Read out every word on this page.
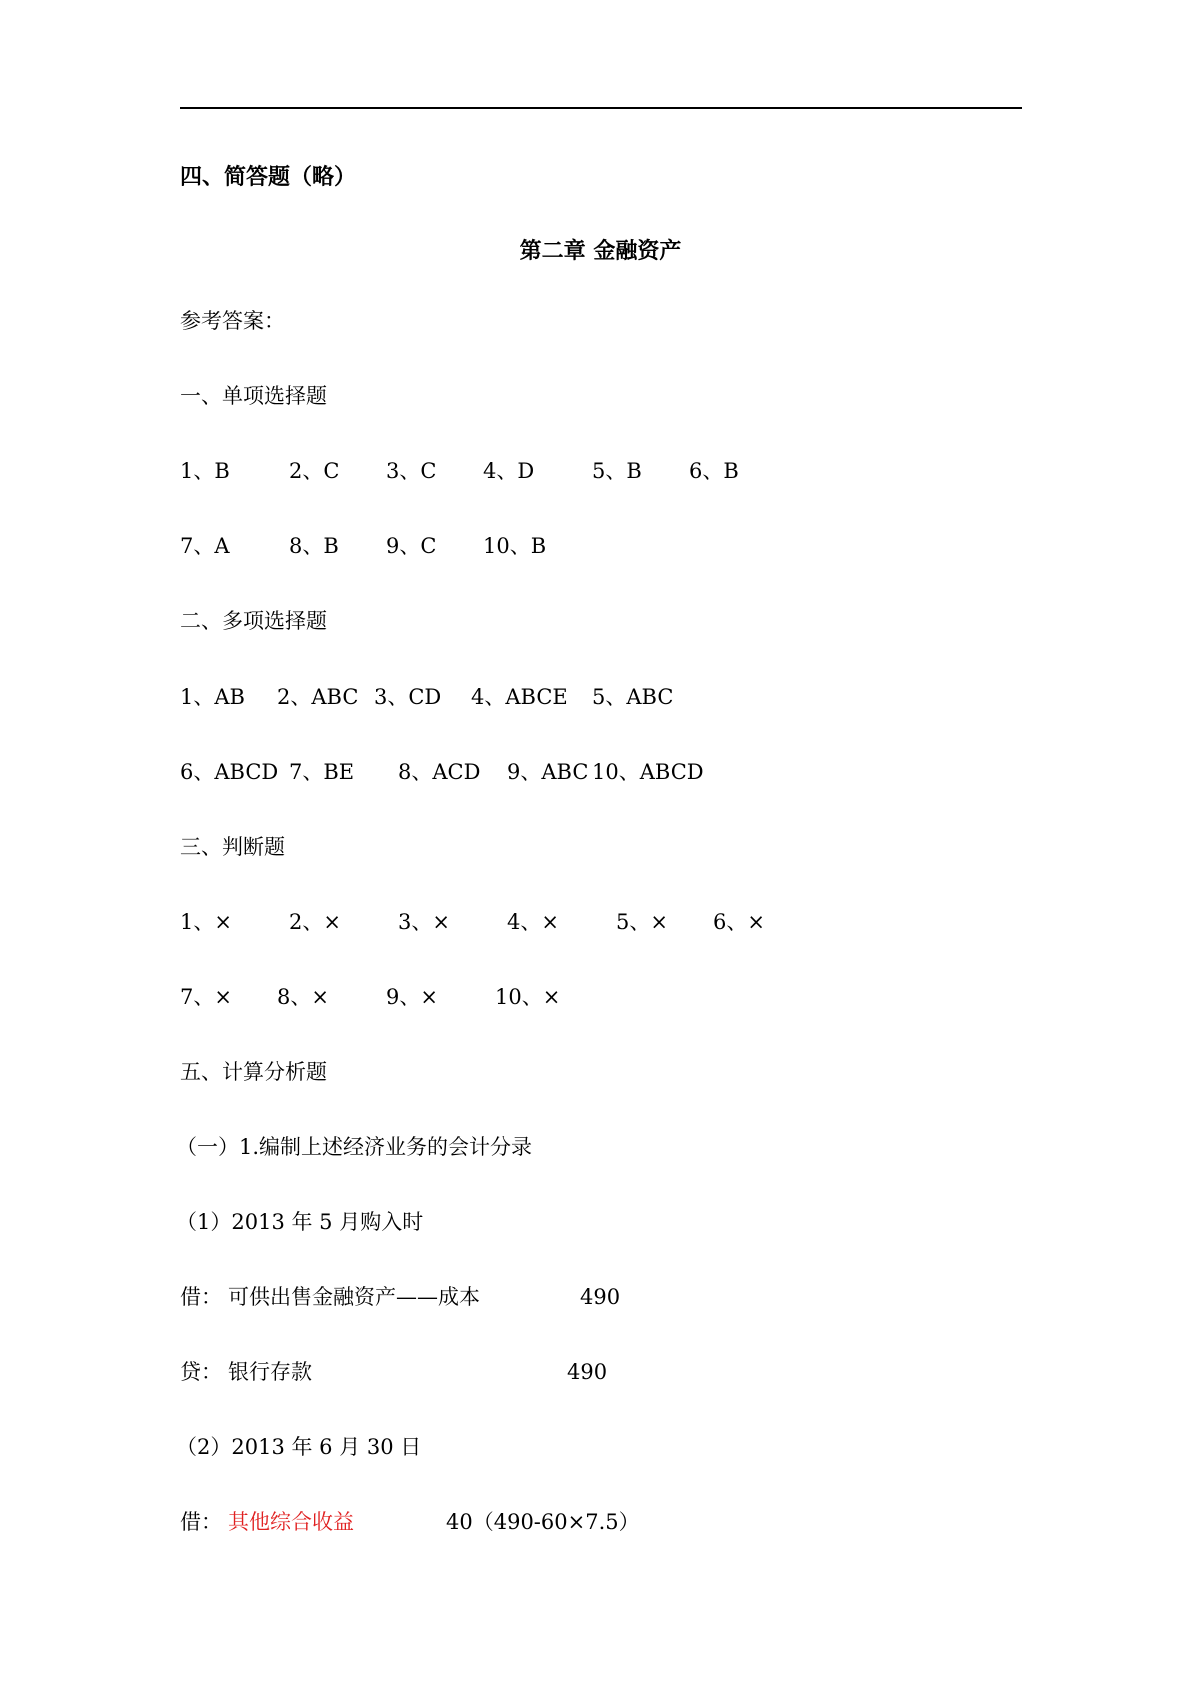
四、简答题（略）
第二章 金融资产
参考答案：
一、单项选择题
1、B	2、C 3、C 4、D	5、B 6、B
7、A	8、B 9、C 10、B
二、多项选择题
1、AB 2、ABC 3、CD 4、ABCE 5、ABC
6、ABCD 7、BE 8、ACD 9、ABC 10、ABCD
三、判断题
1、×	2、×	3、×	4、×	5、× 6、×
7、× 8、×	9、×	10、×
五、计算分析题
（一）1.编制上述经济业务的会计分录
（1）2013 年 5 月购入时
借： 可供出售金融资产——成本	490
贷： 银行存款	490
（2）2013 年 6 月 30 日
借： 其他综合收益	40（490-60×7.5）
